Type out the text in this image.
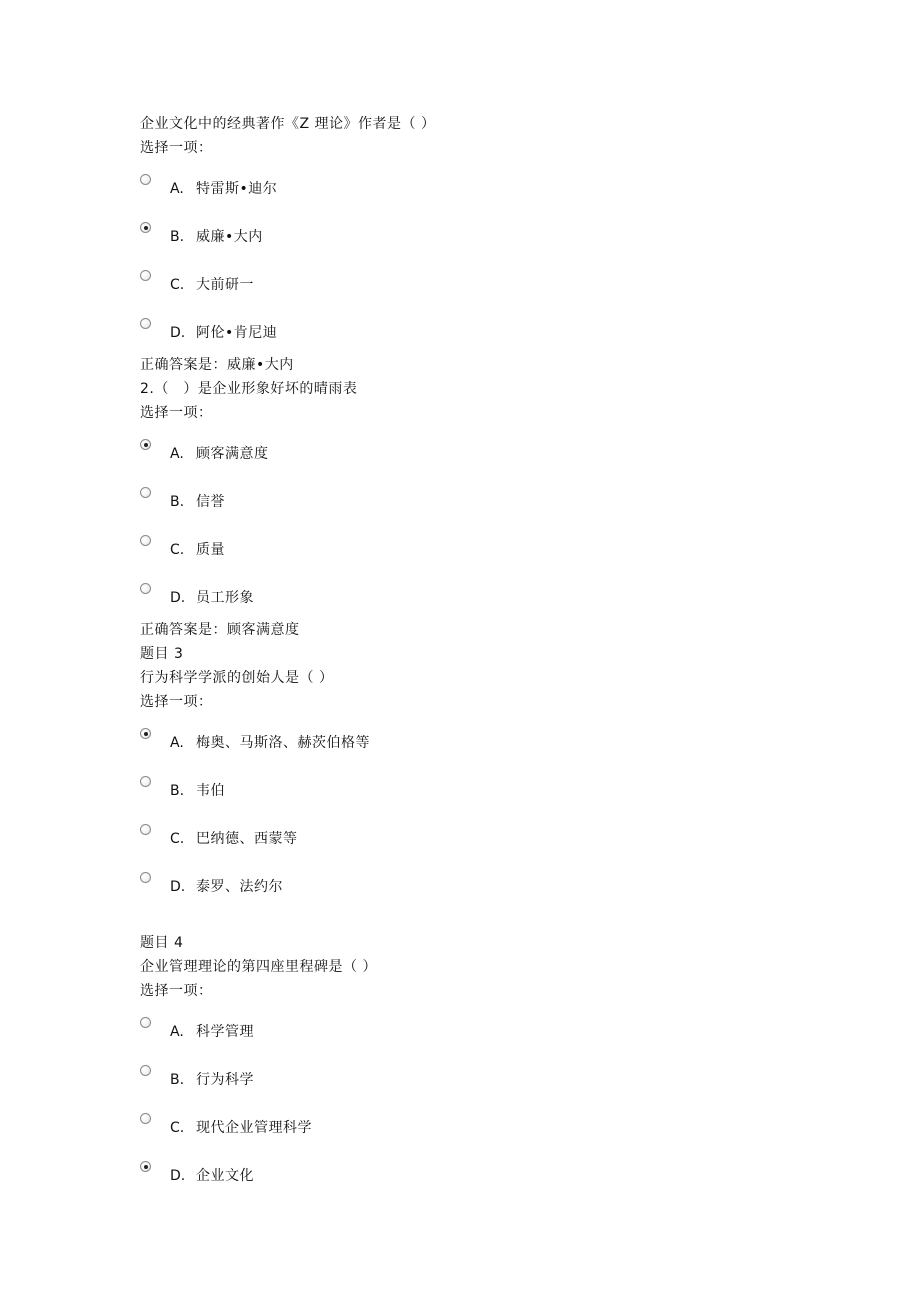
企业文化中的经典著作《Z 理论》作者是（ ）
选择一项：
A. 特雷斯•迪尔
B. 威廉•大内
C. 大前研一
D. 阿伦•肯尼迪
正确答案是：威廉•大内
2.（　）是企业形象好坏的晴雨表
选择一项：
A. 顾客满意度
B. 信誉
C. 质量
D. 员工形象
正确答案是：顾客满意度
题目 3
行为科学学派的创始人是（ ）
选择一项：
A. 梅奥、马斯洛、赫茨伯格等
B. 韦伯
C. 巴纳德、西蒙等
D. 泰罗、法约尔
题目 4
企业管理理论的第四座里程碑是（ ）
选择一项：
A. 科学管理
B. 行为科学
C. 现代企业管理科学
D. 企业文化
